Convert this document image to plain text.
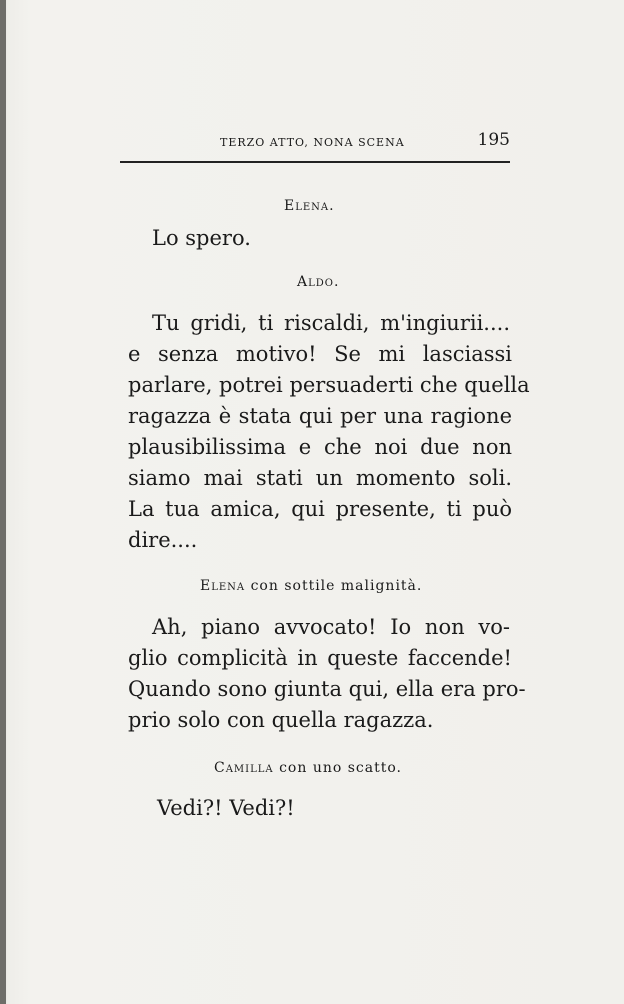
TERZO ATTO, NONA SCENA	195
Elena.
Lo spero.
Aldo.
Tu gridi, ti riscaldi, m'ingiurii....
e senza motivo! Se mi lasciassi
parlare, potrei persuaderti che quella
ragazza è stata qui per una ragione
plausibilissima e che noi due non
siamo mai stati un momento soli.
La tua amica, qui presente, ti può
dire....
Elena con sottile malignità.
Ah, piano avvocato! Io non vo-
glio complicità in queste faccende!
Quando sono giunta qui, ella era pro-
prio solo con quella ragazza.
Camilla con uno scatto.
Vedi?! Vedi?!
